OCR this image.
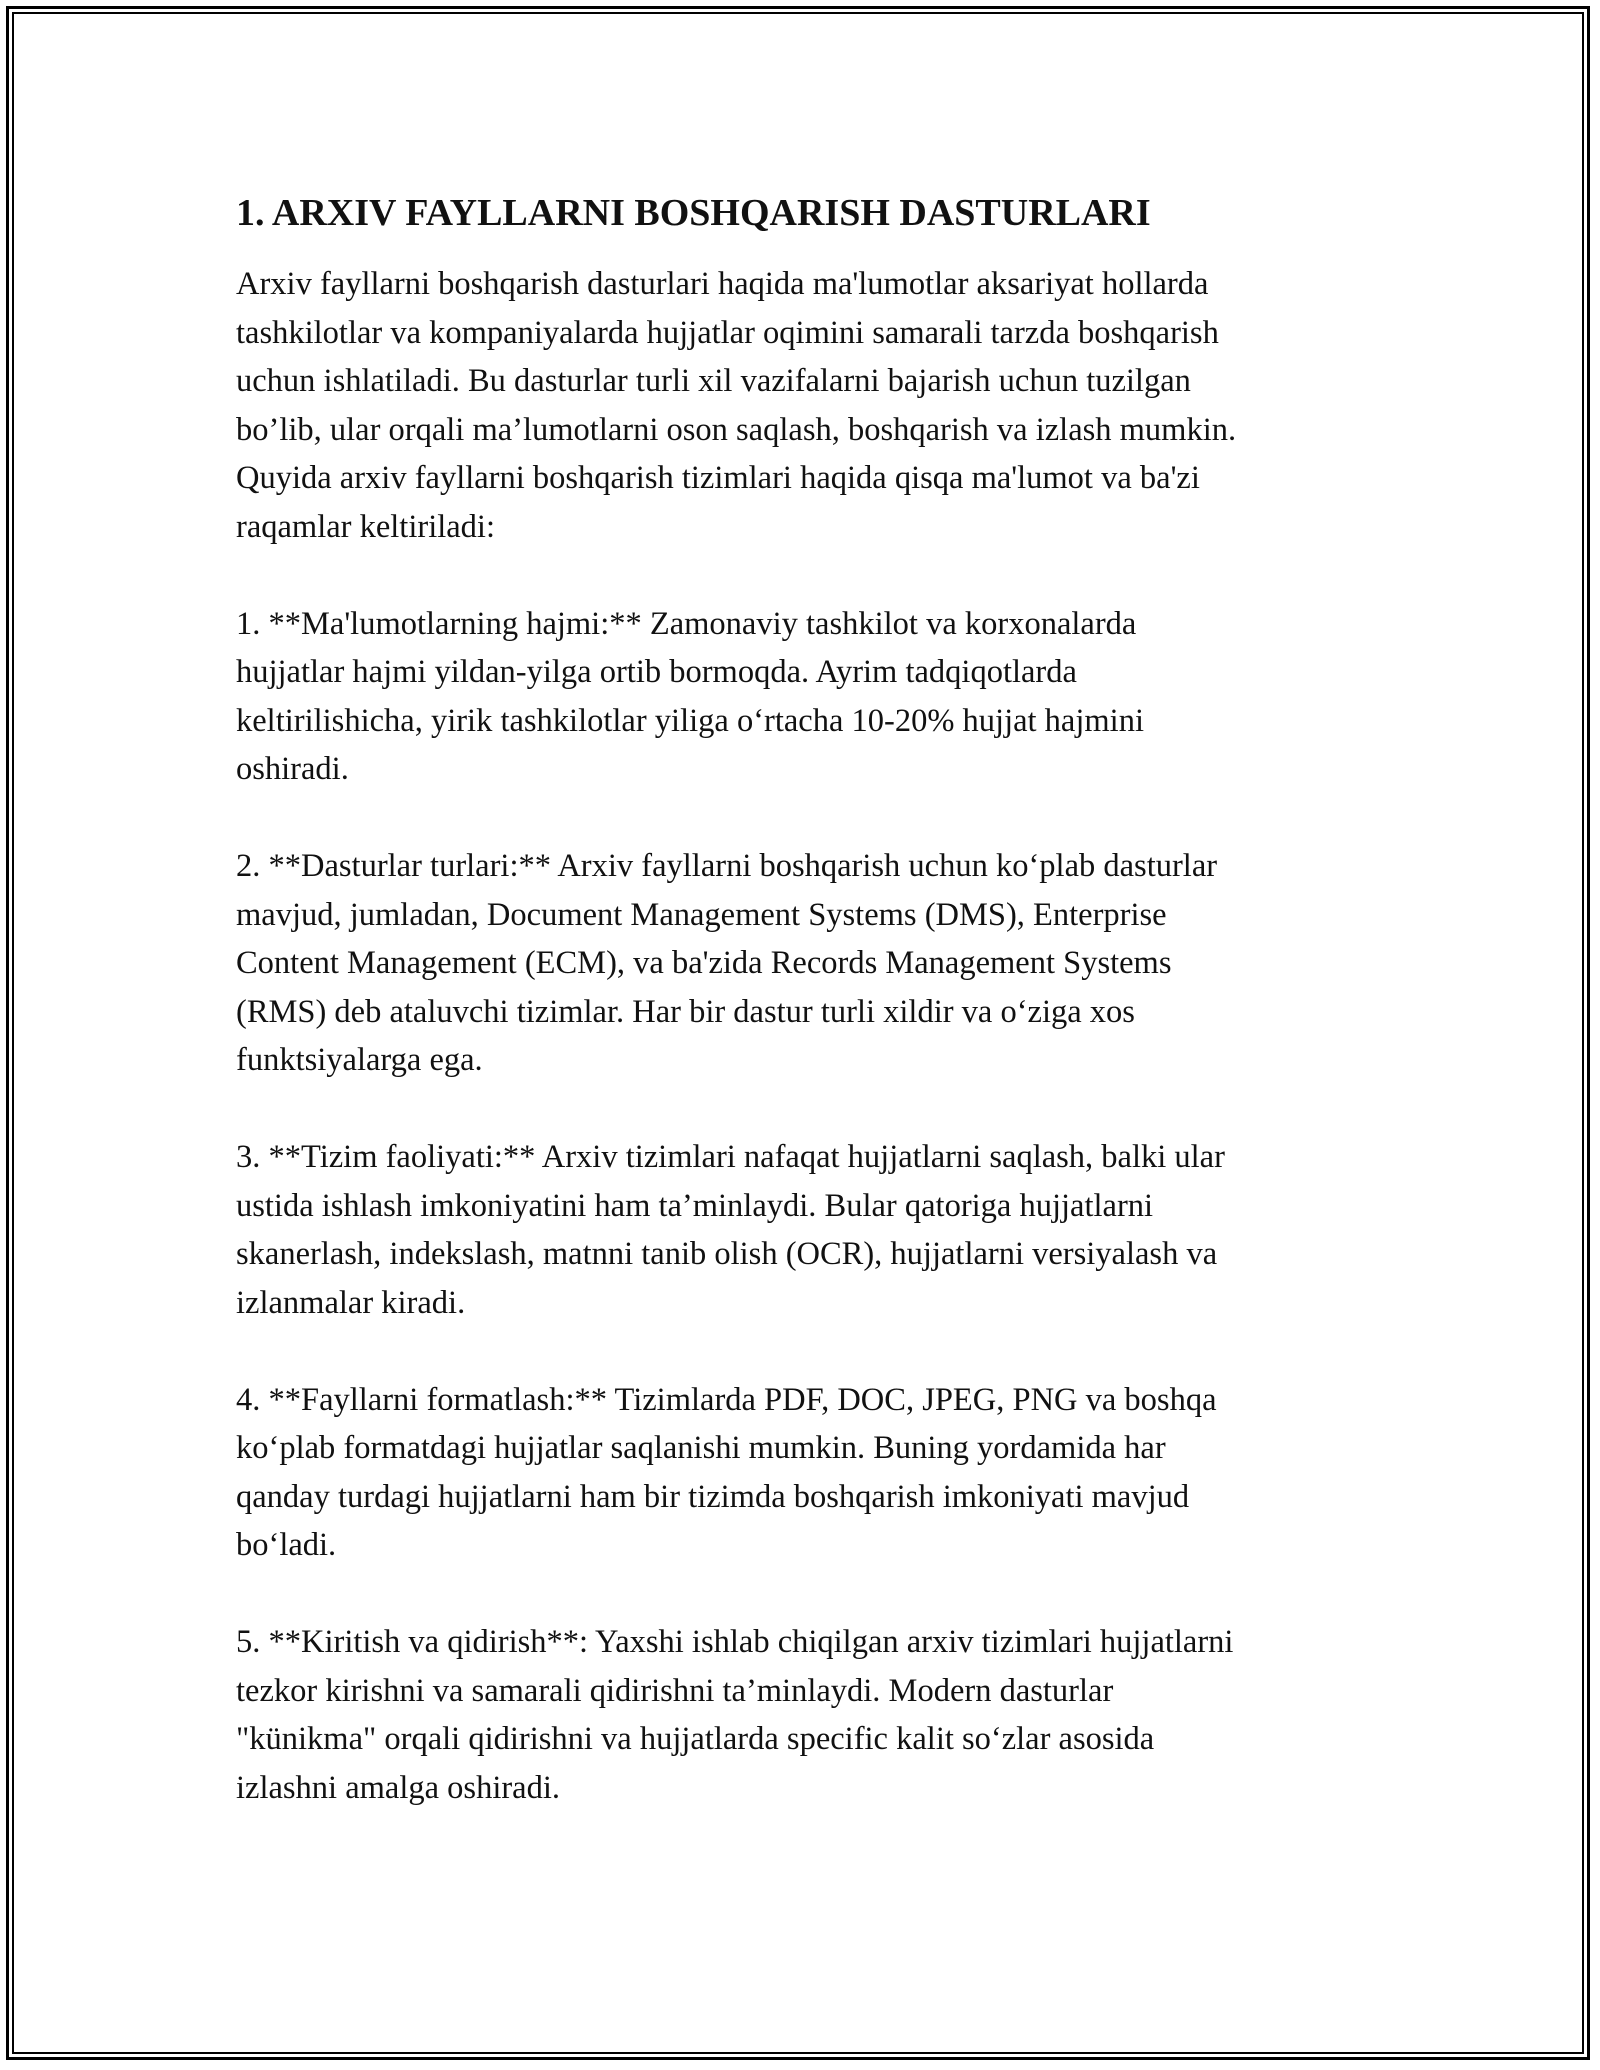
1. ARXIV FAYLLARNI BOSHQARISH DASTURLARI

Arxiv fayllarni boshqarish dasturlari haqida ma'lumotlar aksariyat hollarda
tashkilotlar va kompaniyalarda hujjatlar oqimini samarali tarzda boshqarish
uchun ishlatiladi. Bu dasturlar turli xil vazifalarni bajarish uchun tuzilgan
bo’lib, ular orqali ma’lumotlarni oson saqlash, boshqarish va izlash mumkin.
Quyida arxiv fayllarni boshqarish tizimlari haqida qisqa ma'lumot va ba'zi
raqamlar keltiriladi:

1. **Ma'lumotlarning hajmi:** Zamonaviy tashkilot va korxonalarda
hujjatlar hajmi yildan-yilga ortib bormoqda. Ayrim tadqiqotlarda
keltirilishicha, yirik tashkilotlar yiliga o‘rtacha 10-20% hujjat hajmini
oshiradi.

2. **Dasturlar turlari:** Arxiv fayllarni boshqarish uchun ko‘plab dasturlar
mavjud, jumladan, Document Management Systems (DMS), Enterprise
Content Management (ECM), va ba'zida Records Management Systems
(RMS) deb ataluvchi tizimlar. Har bir dastur turli xildir va o‘ziga xos
funktsiyalarga ega.

3. **Tizim faoliyati:** Arxiv tizimlari nafaqat hujjatlarni saqlash, balki ular
ustida ishlash imkoniyatini ham ta’minlaydi. Bular qatoriga hujjatlarni
skanerlash, indekslash, matnni tanib olish (OCR), hujjatlarni versiyalash va
izlanmalar kiradi.

4. **Fayllarni formatlash:** Tizimlarda PDF, DOC, JPEG, PNG va boshqa
ko‘plab formatdagi hujjatlar saqlanishi mumkin. Buning yordamida har
qanday turdagi hujjatlarni ham bir tizimda boshqarish imkoniyati mavjud
bo‘ladi.

5. **Kiritish va qidirish**: Yaxshi ishlab chiqilgan arxiv tizimlari hujjatlarni
tezkor kirishni va samarali qidirishni ta’minlaydi. Modern dasturlar
"künikma" orqali qidirishni va hujjatlarda specific kalit so‘zlar asosida
izlashni amalga oshiradi.
